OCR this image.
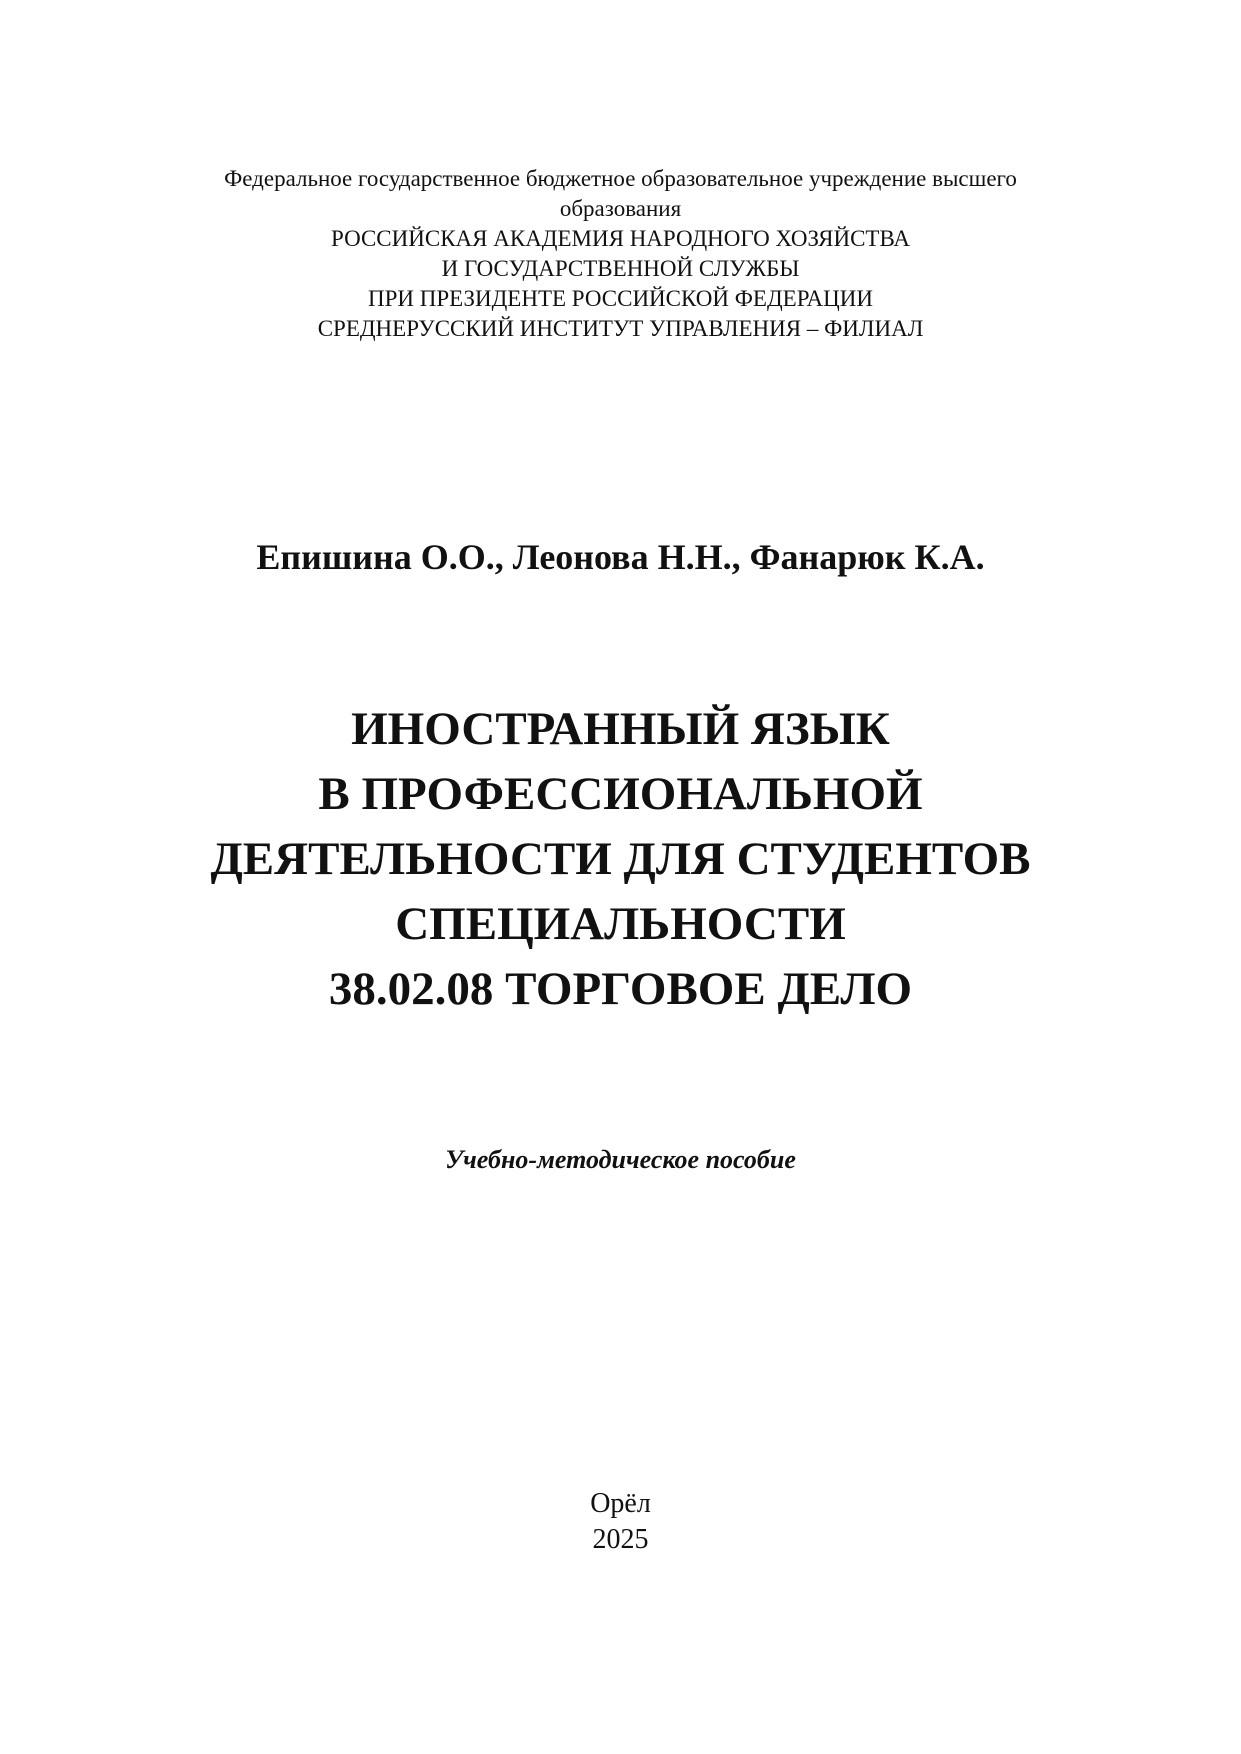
Федеральное государственное бюджетное образовательное учреждение высшего
образования
РОССИЙСКАЯ АКАДЕМИЯ НАРОДНОГО ХОЗЯЙСТВА
И ГОСУДАРСТВЕННОЙ СЛУЖБЫ
ПРИ ПРЕЗИДЕНТЕ РОССИЙСКОЙ ФЕДЕРАЦИИ
СРЕДНЕРУССКИЙ ИНСТИТУТ УПРАВЛЕНИЯ – ФИЛИАЛ
Епишина О.О., Леонова Н.Н., Фанарюк К.А.
ИНОСТРАННЫЙ ЯЗЫК
В ПРОФЕССИОНАЛЬНОЙ
ДЕЯТЕЛЬНОСТИ ДЛЯ СТУДЕНТОВ
СПЕЦИАЛЬНОСТИ
38.02.08 ТОРГОВОЕ ДЕЛО
Учебно-методическое пособие
Орёл
2025
